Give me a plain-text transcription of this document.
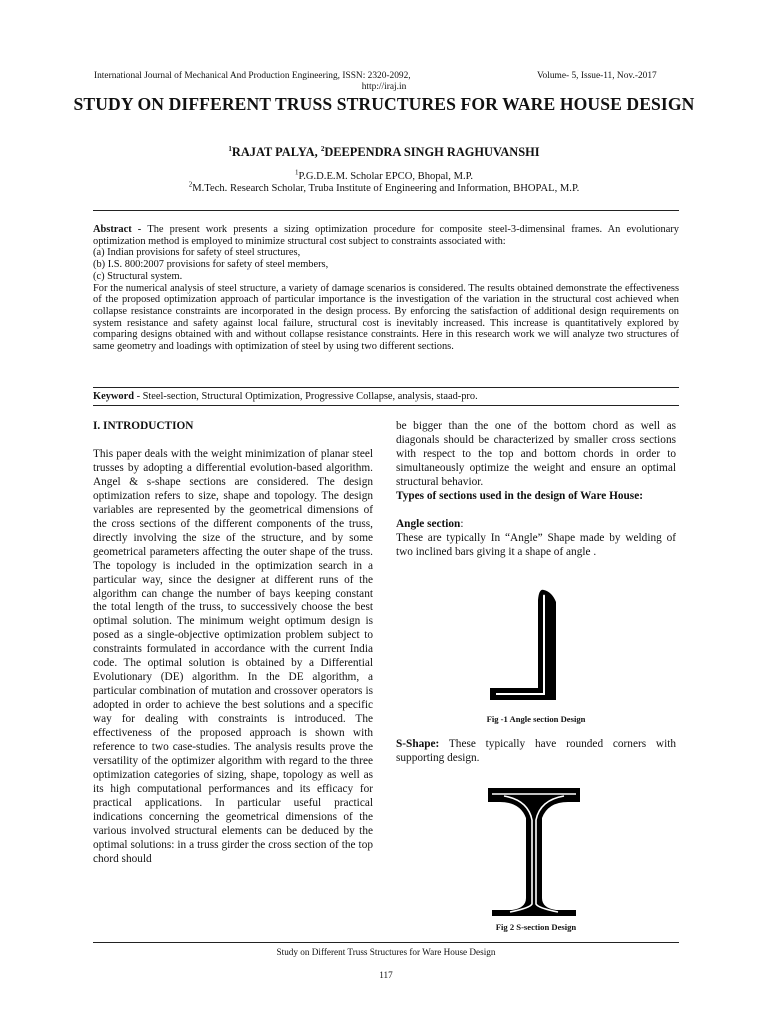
International Journal of Mechanical And Production Engineering, ISSN: 2320-2092,	Volume- 5, Issue-11, Nov.-2017
http://iraj.in
STUDY ON DIFFERENT TRUSS STRUCTURES FOR WARE HOUSE DESIGN
$^1$RAJAT PALYA, $^2$DEEPENDRA SINGH RAGHUVANSHI
$^1$P.G.D.E.M. Scholar EPCO, Bhopal, M.P.
$^2$M.Tech. Research Scholar, Truba Institute of Engineering and Information, BHOPAL, M.P.

Abstract - The present work presents a sizing optimization procedure for composite steel-3-dimensinal frames. An evolutionary optimization method is employed to minimize structural cost subject to constraints associated with:

(a) Indian provisions for safety of steel structures,

(b) I.S. 800:2007 provisions for safety of steel members,

(c) Structural system.

For the numerical analysis of steel structure, a variety of damage scenarios is considered. The results obtained demonstrate the effectiveness of the proposed optimization approach of particular importance is the investigation of the variation in the structural cost achieved when collapse resistance constraints are incorporated in the design process. By enforcing the satisfaction of additional design requirements on system resistance and safety against local failure, structural cost is inevitably increased. This increase is quantitatively explored by comparing designs obtained with and without collapse resistance constraints. Here in this research work we will analyze two structures of same geometry and loadings with optimization of steel by using two different sections.

Keyword - Steel-section, Structural Optimization, Progressive Collapse, analysis, staad-pro.
I. INTRODUCTION

This paper deals with the weight minimization of planar steel trusses by adopting a differential evolution-based algorithm. Angel & s-shape sections are considered. The design optimization refers to size, shape and topology. The design variables are represented by the geometrical dimensions of the cross sections of the different components of the truss, directly involving the size of the structure, and by some geometrical parameters affecting the outer shape of the truss. The topology is included in the optimization search in a particular way, since the designer at different runs of the algorithm can change the number of bays keeping constant the total length of the truss, to successively choose the best optimal solution. The minimum weight optimum design is posed as a single-objective optimization problem subject to constraints formulated in accordance with the current India code. The optimal solution is obtained by a Differential Evolutionary (DE) algorithm. In the DE algorithm, a particular combination of mutation and crossover operators is adopted in order to achieve the best solutions and a specific way for dealing with constraints is introduced. The effectiveness of the proposed approach is shown with reference to two case-studies. The analysis results prove the versatility of the optimizer algorithm with regard to the three optimization categories of sizing, shape, topology as well as its high computational performances and its efficacy for practical applications. In particular useful practical indications concerning the geometrical dimensions of the various involved structural elements can be deduced by the optimal solutions: in a truss girder the cross section of the top chord should

be bigger than the one of the bottom chord as well as diagonals should be characterized by smaller cross sections with respect to the top and bottom chords in order to simultaneously optimize the weight and ensure an optimal structural behavior.

Types of sections used in the design of Ware House:

Angle section:

These are typically In “Angle” Shape made by welding of two inclined bars giving it a shape of angle .

Fig -1 Angle section Design

S-Shape: These typically have rounded corners with supporting design.

Fig 2 S-section Design
Study on Different Truss Structures for Ware House Design
117
